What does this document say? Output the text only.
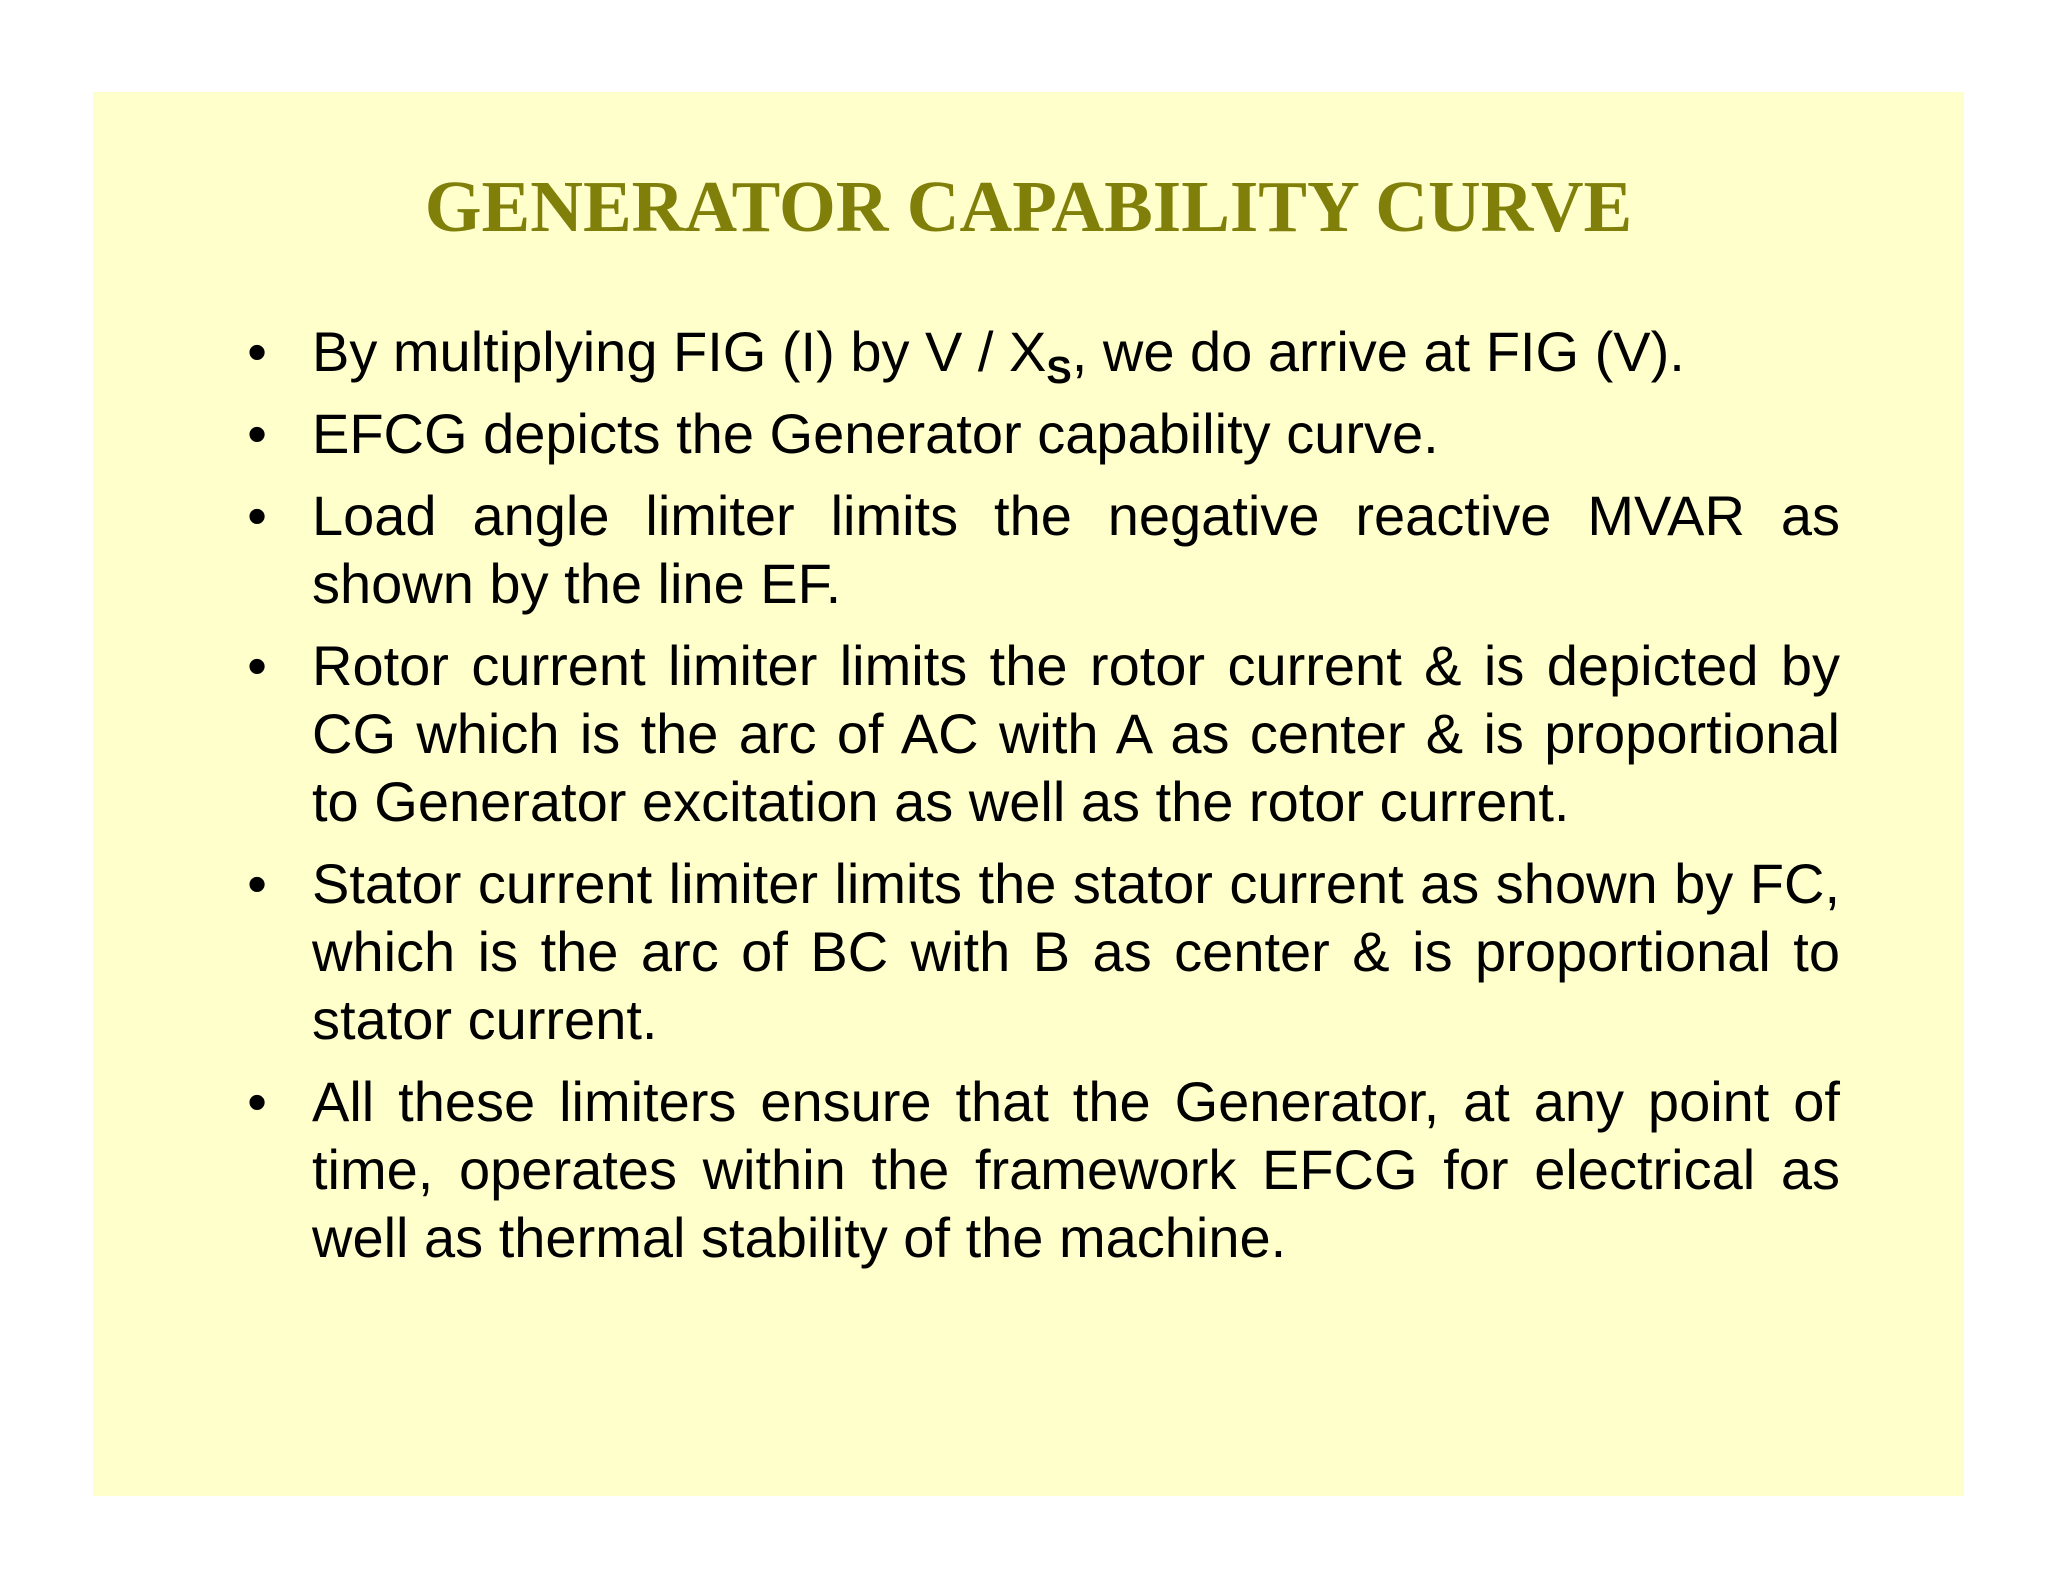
GENERATOR CAPABILITY CURVE
• By multiplying FIG (I) by V / $X_S$, we do arrive at FIG (V).
• EFCG depicts the Generator capability curve.
• Load angle limiter limits the negative reactive MVAR as shown by the line EF.
• Rotor current limiter limits the rotor current & is depicted by CG which is the arc of AC with A as center & is proportional to Generator excitation as well as the rotor current.
• Stator current limiter limits the stator current as shown by FC, which is the arc of BC with B as center & is proportional to stator current.
• All these limiters ensure that the Generator, at any point of time, operates within the framework EFCG for electrical as well as thermal stability of the machine.
